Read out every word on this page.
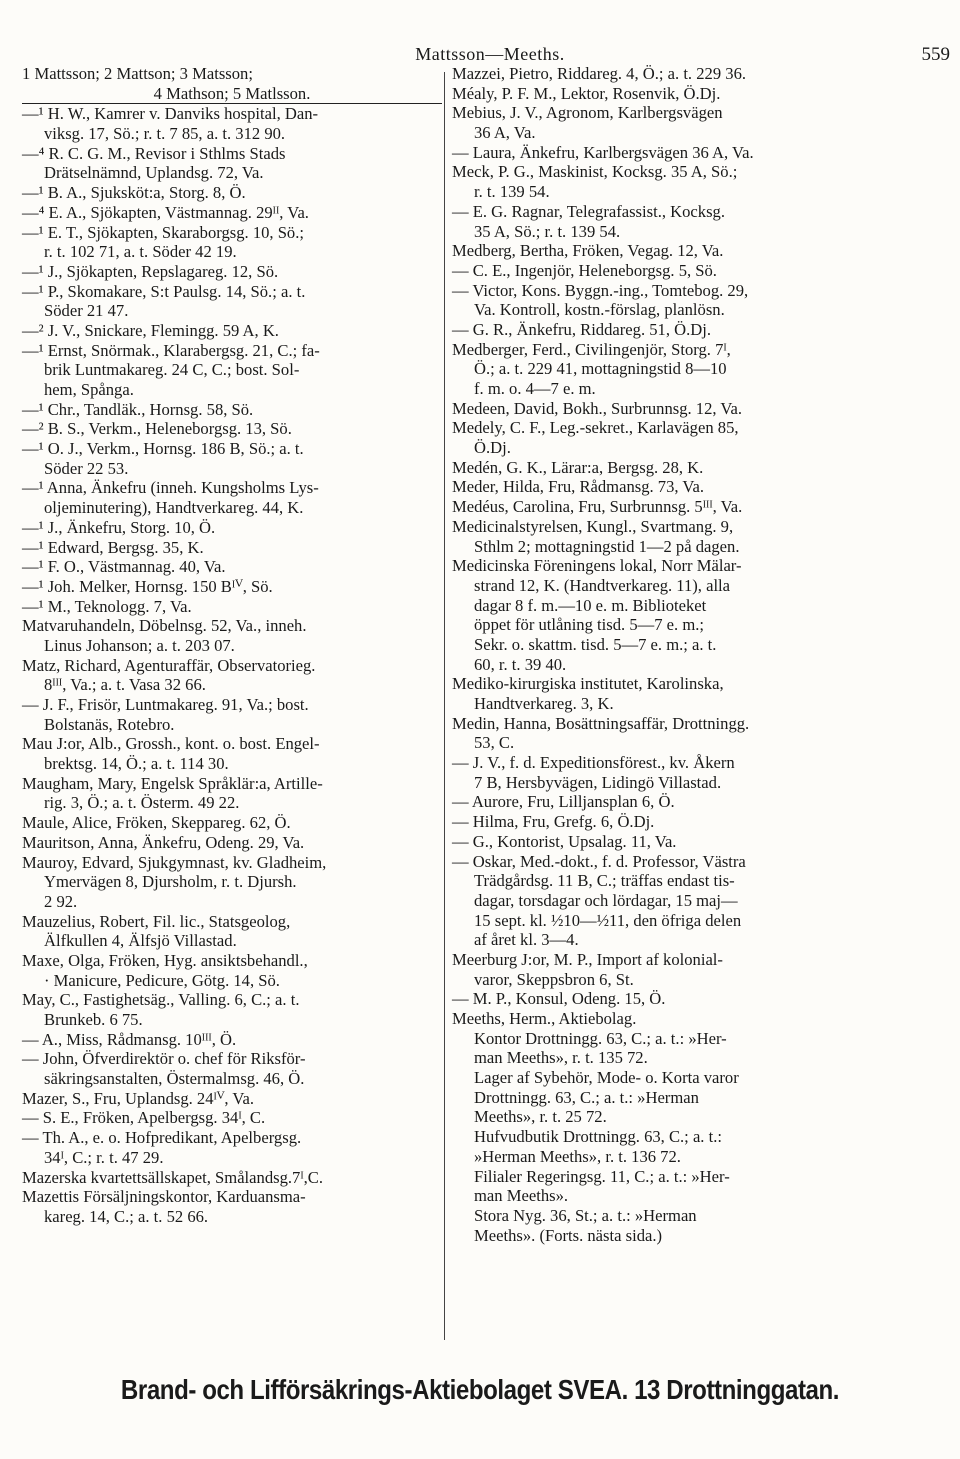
Mattsson—Meeths.	559
1 Mattsson; 2 Mattson; 3 Matsson;
4 Mathson; 5 Matlsson.
—¹ H. W., Kamrer v. Danviks hospital, Dan-
viksg. 17, Sö.; r. t. 7 85, a. t. 312 90.
—⁴ R. C. G. M., Revisor i Sthlms Stads
Drätselnämnd, Uplandsg. 72, Va.
—¹ B. A., Sjuksköt:a, Storg. 8, Ö.
—⁴ E. A., Sjökapten, Västmannag. 29ᴵᴵ, Va.
—¹ E. T., Sjökapten, Skaraborgsg. 10, Sö.;
r. t. 102 71, a. t. Söder 42 19.
—¹ J., Sjökapten, Repslagareg. 12, Sö.
—¹ P., Skomakare, S:t Paulsg. 14, Sö.; a. t.
Söder 21 47.
—² J. V., Snickare, Flemingg. 59 A, K.
—¹ Ernst, Snörmak., Klarabergsg. 21, C.; fa-
brik Luntmakareg. 24 C, C.; bost. Sol-
hem, Spånga.
—¹ Chr., Tandläk., Hornsg. 58, Sö.
—² B. S., Verkm., Heleneborgsg. 13, Sö.
—¹ O. J., Verkm., Hornsg. 186 B, Sö.; a. t.
Söder 22 53.
—¹ Anna, Änkefru (inneh. Kungsholms Lys-
oljeminutering), Handtverkareg. 44, K.
—¹ J., Änkefru, Storg. 10, Ö.
—¹ Edward, Bergsg. 35, K.
—¹ F. O., Västmannag. 40, Va.
—¹ Joh. Melker, Hornsg. 150 Bᴵⱽ, Sö.
—¹ M., Teknologg. 7, Va.
Matvaruhandeln, Döbelnsg. 52, Va., inneh.
Linus Johanson; a. t. 203 07.
Matz, Richard, Agenturaffär, Observatorieg.
8ᴵᴵᴵ, Va.; a. t. Vasa 32 66.
— J. F., Frisör, Luntmakareg. 91, Va.; bost.
Bolstanäs, Rotebro.
Mau J:or, Alb., Grossh., kont. o. bost. Engel-
brektsg. 14, Ö.; a. t. 114 30.
Maugham, Mary, Engelsk Språklär:a, Artille-
rig. 3, Ö.; a. t. Österm. 49 22.
Maule, Alice, Fröken, Skeppareg. 62, Ö.
Mauritson, Anna, Änkefru, Odeng. 29, Va.
Mauroy, Edvard, Sjukgymnast, kv. Gladheim,
Ymervägen 8, Djursholm, r. t. Djursh.
2 92.
Mauzelius, Robert, Fil. lic., Statsgeolog,
Älfkullen 4, Älfsjö Villastad.
Maxe, Olga, Fröken, Hyg. ansiktsbehandl.,
· Manicure, Pedicure, Götg. 14, Sö.
May, C., Fastighetsäg., Valling. 6, C.; a. t.
Brunkeb. 6 75.
— A., Miss, Rådmansg. 10ᴵᴵᴵ, Ö.
— John, Öfverdirektör o. chef för Riksför-
säkringsanstalten, Östermalmsg. 46, Ö.
Mazer, S., Fru, Uplandsg. 24ᴵⱽ, Va.
— S. E., Fröken, Apelbergsg. 34ᴵ, C.
— Th. A., e. o. Hofpredikant, Apelbergsg.
34ᴵ, C.; r. t. 47 29.
Mazerska kvartettsällskapet, Smålandsg.7ᴵ,C.
Mazettis Försäljningskontor, Karduansma-
kareg. 14, C.; a. t. 52 66.
Mazzei, Pietro, Riddareg. 4, Ö.; a. t. 229 36.
Méaly, P. F. M., Lektor, Rosenvik, Ö.Dj.
Mebius, J. V., Agronom, Karlbergsvägen
36 A, Va.
— Laura, Änkefru, Karlbergsvägen 36 A, Va.
Meck, P. G., Maskinist, Kocksg. 35 A, Sö.;
r. t. 139 54.
— E. G. Ragnar, Telegrafassist., Kocksg.
35 A, Sö.; r. t. 139 54.
Medberg, Bertha, Fröken, Vegag. 12, Va.
— C. E., Ingenjör, Heleneborgsg. 5, Sö.
— Victor, Kons. Byggn.-ing., Tomtebog. 29,
Va. Kontroll, kostn.-förslag, planlösn.
— G. R., Änkefru, Riddareg. 51, Ö.Dj.
Medberger, Ferd., Civilingenjör, Storg. 7ᴵ,
Ö.; a. t. 229 41, mottagningstid 8—10
f. m. o. 4—7 e. m.
Medeen, David, Bokh., Surbrunnsg. 12, Va.
Medely, C. F., Leg.-sekret., Karlavägen 85,
Ö.Dj.
Medén, G. K., Lärar:a, Bergsg. 28, K.
Meder, Hilda, Fru, Rådmansg. 73, Va.
Medéus, Carolina, Fru, Surbrunnsg. 5ᴵᴵᴵ, Va.
Medicinalstyrelsen, Kungl., Svartmang. 9,
Sthlm 2; mottagningstid 1—2 på dagen.
Medicinska Föreningens lokal, Norr Mälar-
strand 12, K. (Handtverkareg. 11), alla
dagar 8 f. m.—10 e. m. Biblioteket
öppet för utlåning tisd. 5—7 e. m.;
Sekr. o. skattm. tisd. 5—7 e. m.; a. t.
60, r. t. 39 40.
Mediko-kirurgiska institutet, Karolinska,
Handtverkareg. 3, K.
Medin, Hanna, Bosättningsaffär, Drottningg.
53, C.
— J. V., f. d. Expeditionsförest., kv. Åkern
7 B, Hersbyvägen, Lidingö Villastad.
— Aurore, Fru, Lilljansplan 6, Ö.
— Hilma, Fru, Grefg. 6, Ö.Dj.
— G., Kontorist, Upsalag. 11, Va.
— Oskar, Med.-dokt., f. d. Professor, Västra
Trädgårdsg. 11 B, C.; träffas endast tis-
dagar, torsdagar och lördagar, 15 maj—
15 sept. kl. ½10—½11, den öfriga delen
af året kl. 3—4.
Meerburg J:or, M. P., Import af kolonial-
varor, Skeppsbron 6, St.
— M. P., Konsul, Odeng. 15, Ö.
Meeths, Herm., Aktiebolag.
Kontor Drottningg. 63, C.; a. t.: »Her-
man Meeths», r. t. 135 72.
Lager af Sybehör, Mode- o. Korta varor
Drottningg. 63, C.; a. t.: »Herman
Meeths», r. t. 25 72.
Hufvudbutik Drottningg. 63, C.; a. t.:
»Herman Meeths», r. t. 136 72.
Filialer Regeringsg. 11, C.; a. t.: »Her-
man Meeths».
Stora Nyg. 36, St.; a. t.: »Herman
Meeths». (Forts. nästa sida.)
Brand- och Lifförsäkrings-Aktiebolaget SVEA. 13 Drottninggatan.
